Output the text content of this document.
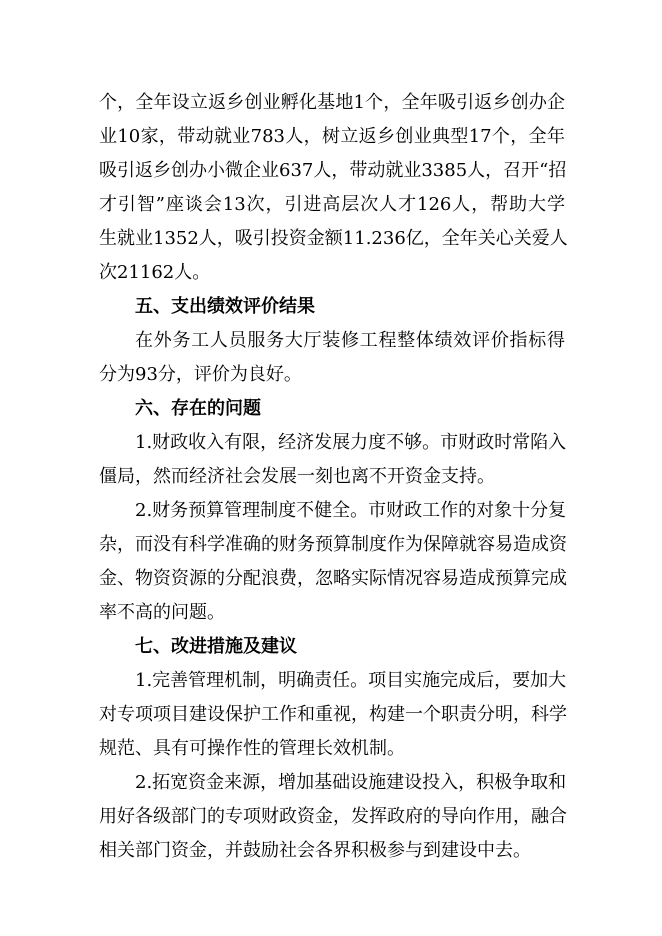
个，全年设立返乡创业孵化基地1个，全年吸引返乡创办企
业10家，带动就业783人，树立返乡创业典型17个，全年
吸引返乡创办小微企业637人，带动就业3385人，召开“招
才引智”座谈会13次，引进高层次人才126人，帮助大学
生就业1352人，吸引投资金额11.236亿，全年关心关爱人
次21162人。
五、支出绩效评价结果
在外务工人员服务大厅装修工程整体绩效评价指标得
分为93分，评价为良好。
六、存在的问题
1.财政收入有限，经济发展力度不够。市财政时常陷入
僵局，然而经济社会发展一刻也离不开资金支持。
2.财务预算管理制度不健全。市财政工作的对象十分复
杂，而没有科学准确的财务预算制度作为保障就容易造成资
金、物资资源的分配浪费，忽略实际情况容易造成预算完成
率不高的问题。
七、改进措施及建议
1.完善管理机制，明确责任。项目实施完成后，要加大
对专项项目建设保护工作和重视，构建一个职责分明，科学
规范、具有可操作性的管理长效机制。
2.拓宽资金来源，增加基础设施建设投入，积极争取和
用好各级部门的专项财政资金，发挥政府的导向作用，融合
相关部门资金，并鼓励社会各界积极参与到建设中去。
